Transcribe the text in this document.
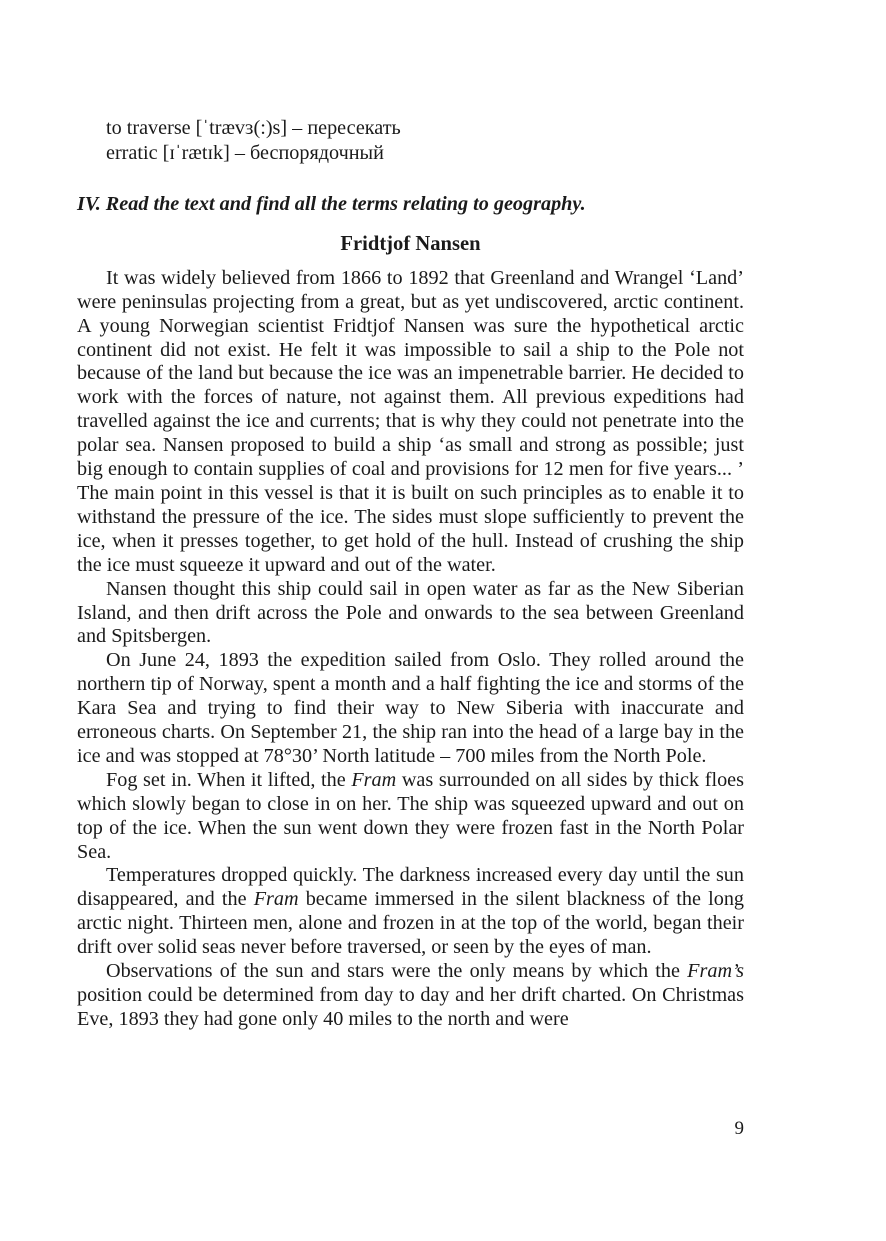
to traverse [ˈtrævɜ(:)s] – пересекать
erratic [ɪˈrætɪk] – беспорядочный
IV. Read the text and find all the terms relating to geography.
Fridtjof Nansen

It was widely believed from 1866 to 1892 that Greenland and Wrangel ‘Land’ were peninsulas projecting from a great, but as yet undiscovered, arctic continent. A young Norwegian scientist Fridtjof Nansen was sure the hypothetical arctic continent did not exist. He felt it was impossible to sail a ship to the Pole not because of the land but because the ice was an impenetrable barrier. He decided to work with the forces of nature, not against them. All previous expeditions had travelled against the ice and currents; that is why they could not penetrate into the polar sea. Nansen proposed to build a ship ‘as small and strong as possible; just big enough to contain supplies of coal and provisions for 12 men for five years... ’ The main point in this vessel is that it is built on such principles as to enable it to withstand the pressure of the ice. The sides must slope sufficiently to prevent the ice, when it presses together, to get hold of the hull. Instead of crushing the ship the ice must squeeze it upward and out of the water.

Nansen thought this ship could sail in open water as far as the New Siberian Island, and then drift across the Pole and onwards to the sea between Greenland and Spitsbergen.

On June 24, 1893 the expedition sailed from Oslo. They rolled around the northern tip of Norway, spent a month and a half fighting the ice and storms of the Kara Sea and trying to find their way to New Siberia with inaccurate and erroneous charts. On September 21, the ship ran into the head of a large bay in the ice and was stopped at 78°30’ North latitude – 700 miles from the North Pole.

Fog set in. When it lifted, the Fram was surrounded on all sides by thick floes which slowly began to close in on her. The ship was squeezed upward and out on top of the ice. When the sun went down they were frozen fast in the North Polar Sea.

Temperatures dropped quickly. The darkness increased every day until the sun disappeared, and the Fram became immersed in the silent blackness of the long arctic night. Thirteen men, alone and frozen in at the top of the world, began their drift over solid seas never before traversed, or seen by the eyes of man.

Observations of the sun and stars were the only means by which the Fram’s position could be determined from day to day and her drift charted. On Christmas Eve, 1893 they had gone only 40 miles to the north and were

9
